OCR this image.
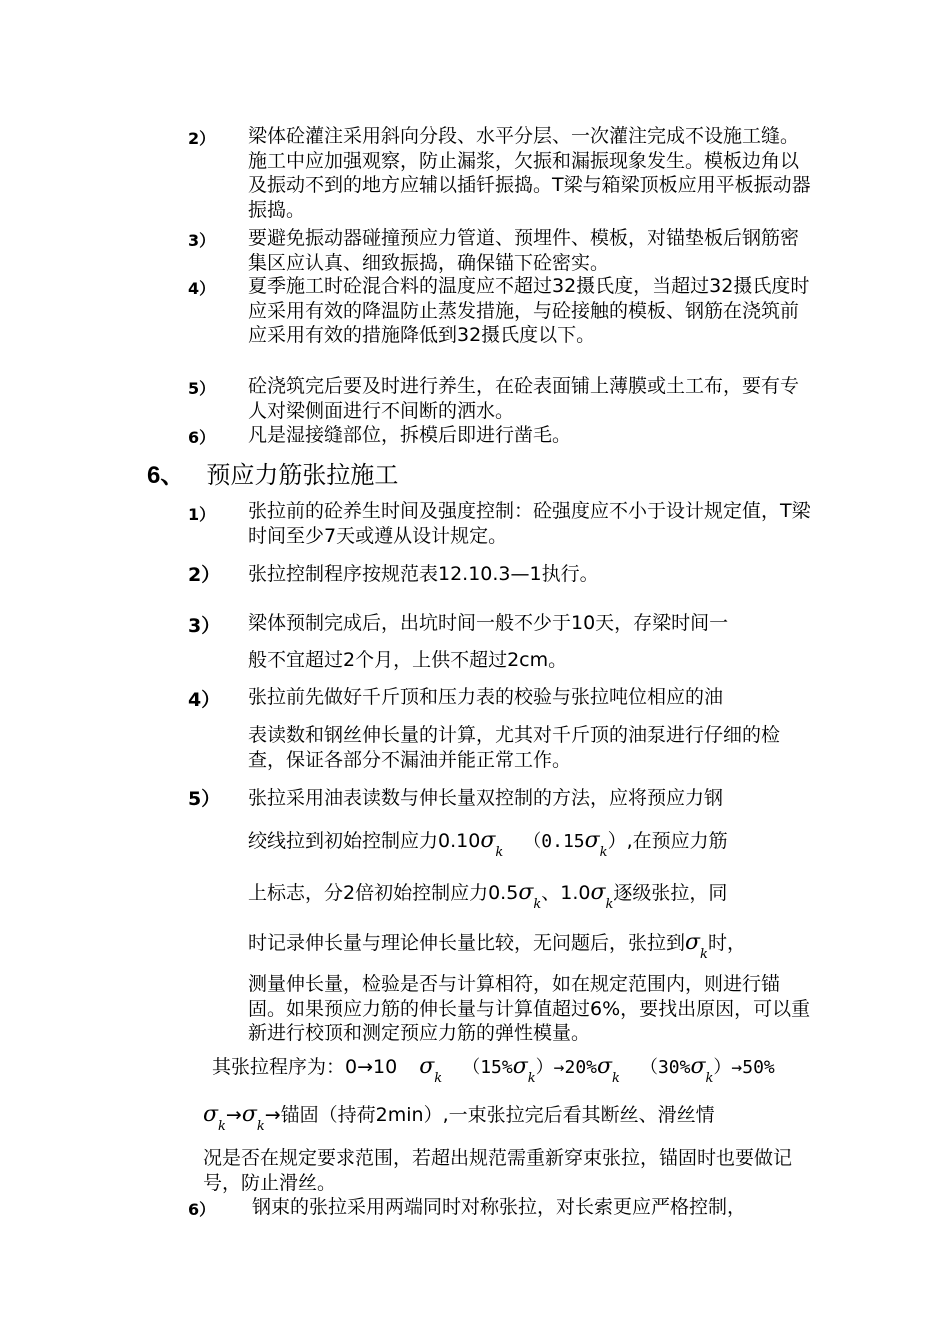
2） 梁体砼灌注采用斜向分段、水平分层、一次灌注完成不设施工缝。施工中应加强观察，防止漏浆，欠振和漏振现象发生。模板边角以及振动不到的地方应辅以插钎振捣。T梁与箱梁顶板应用平板振动器振捣。
3） 要避免振动器碰撞预应力管道、预埋件、模板，对锚垫板后钢筋密集区应认真、细致振捣，确保锚下砼密实。
4） 夏季施工时砼混合料的温度应不超过32摄氏度，当超过32摄氏度时应采用有效的降温防止蒸发措施，与砼接触的模板、钢筋在浇筑前应采用有效的措施降低到32摄氏度以下。
5） 砼浇筑完后要及时进行养生，在砼表面铺上薄膜或土工布，要有专人对梁侧面进行不间断的洒水。
6） 凡是湿接缝部位，拆模后即进行凿毛。
6、 预应力筋张拉施工
1） 张拉前的砼养生时间及强度控制：砼强度应不小于设计规定值，T梁时间至少7天或遵从设计规定。
2） 张拉控制程序按规范表12.10.3—1执行。
3） 梁体预制完成后，出坑时间一般不少于10天，存梁时间一
般不宜超过2个月，上供不超过2cm。
4） 张拉前先做好千斤顶和压力表的校验与张拉吨位相应的油
表读数和钢丝伸长量的计算，尤其对千斤顶的油泵进行仔细的检查，保证各部分不漏油并能正常工作。
5） 张拉采用油表读数与伸长量双控制的方法，应将预应力钢
绞线拉到初始控制应力$0.10\sigma_k$ $(0.15\sigma_k)$,在预应力筋
上标志，分2倍初始控制应力$0.5\sigma_k$、$1.0\sigma_k$逐级张拉，同
时记录伸长量与理论伸长量比较，无问题后，张拉到$\sigma_k$时，
测量伸长量，检验是否与计算相符，如在规定范围内，则进行锚固。如果预应力筋的伸长量与计算值超过6%，要找出原因，可以重新进行校顶和测定预应力筋的弹性模量。
其张拉程序为：0→10 $\sigma_k$ $(15\%\sigma_k)\to 20\%\sigma_k$ $(30\%\sigma_k)\to 50\%$
$\sigma_k\to\sigma_k\to$锚固（持荷2min）,一束张拉完后看其断丝、滑丝情
况是否在规定要求范围，若超出规范需重新穿束张拉，锚固时也要做记号，防止滑丝。
6） 钢束的张拉采用两端同时对称张拉，对长索更应严格控制，
